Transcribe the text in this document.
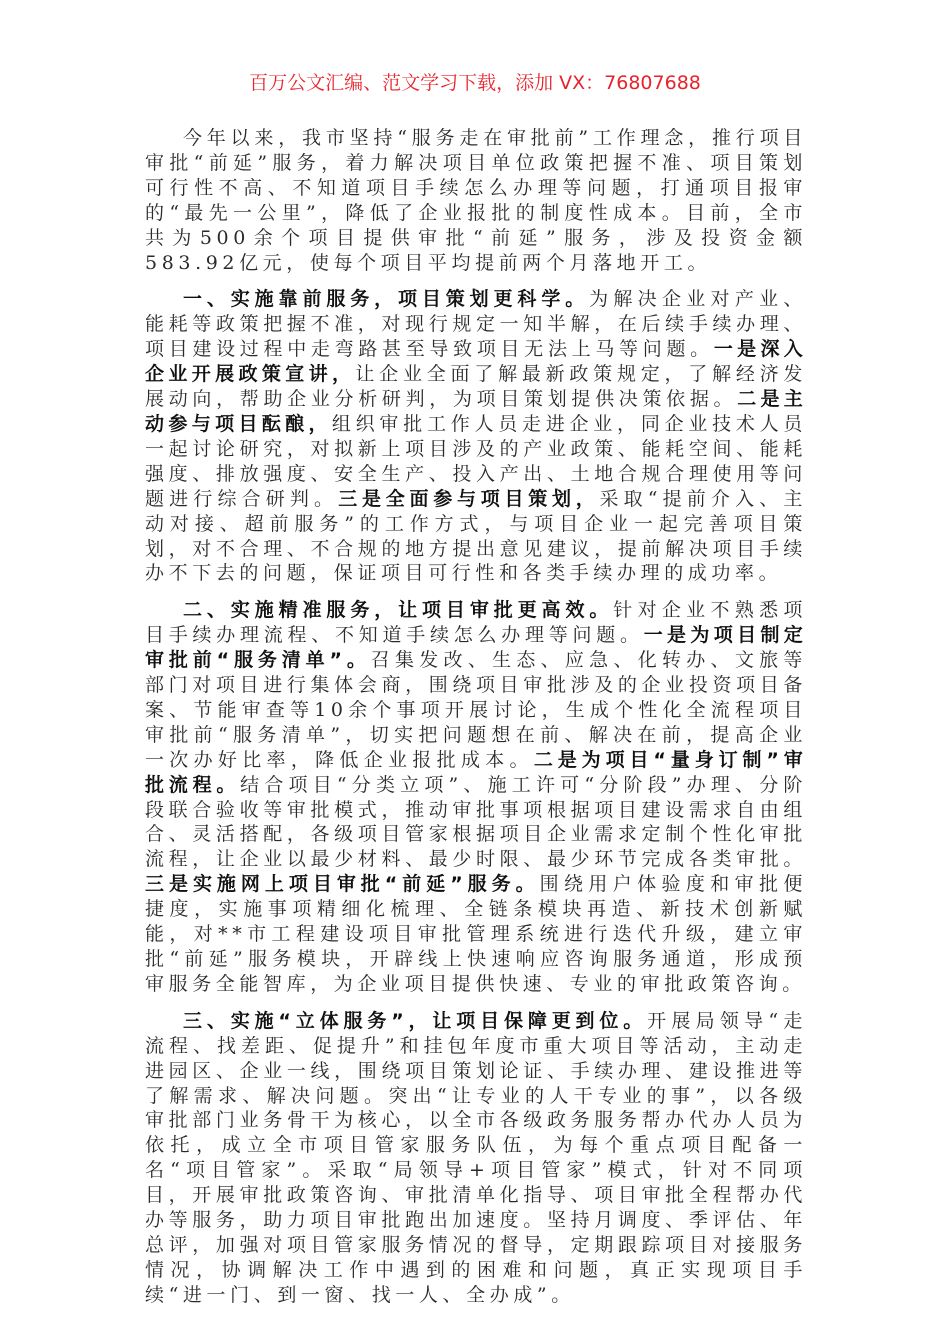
百万公文汇编、范文学习下载，添加 VX：76807688

今年以来，我市坚持“服务走在审批前”工作理念，推行项目审批“前延”服务，着力解决项目单位政策把握不准、项目策划可行性不高、不知道项目手续怎么办理等问题，打通项目报审的“最先一公里”，降低了企业报批的制度性成本。目前，全市共为500余个项目提供审批“前延”服务，涉及投资金额583.92亿元，使每个项目平均提前两个月落地开工。

一、实施靠前服务，项目策划更科学。为解决企业对产业、能耗等政策把握不准，对现行规定一知半解，在后续手续办理、项目建设过程中走弯路甚至导致项目无法上马等问题。一是深入企业开展政策宣讲，让企业全面了解最新政策规定，了解经济发展动向，帮助企业分析研判，为项目策划提供决策依据。二是主动参与项目酝酿，组织审批工作人员走进企业，同企业技术人员一起讨论研究，对拟新上项目涉及的产业政策、能耗空间、能耗强度、排放强度、安全生产、投入产出、土地合规合理使用等问题进行综合研判。三是全面参与项目策划，采取“提前介入、主动对接、超前服务”的工作方式，与项目企业一起完善项目策划，对不合理、不合规的地方提出意见建议，提前解决项目手续办不下去的问题，保证项目可行性和各类手续办理的成功率。

二、实施精准服务，让项目审批更高效。针对企业不熟悉项目手续办理流程、不知道手续怎么办理等问题。一是为项目制定审批前“服务清单”。召集发改、生态、应急、化转办、文旅等部门对项目进行集体会商，围绕项目审批涉及的企业投资项目备案、节能审查等10余个事项开展讨论，生成个性化全流程项目审批前“服务清单”，切实把问题想在前、解决在前，提高企业一次办好比率，降低企业报批成本。二是为项目“量身订制”审批流程。结合项目“分类立项”、施工许可“分阶段”办理、分阶段联合验收等审批模式，推动审批事项根据项目建设需求自由组合、灵活搭配，各级项目管家根据项目企业需求定制个性化审批流程，让企业以最少材料、最少时限、最少环节完成各类审批。三是实施网上项目审批“前延”服务。围绕用户体验度和审批便捷度，实施事项精细化梳理、全链条模块再造、新技术创新赋能，对**市工程建设项目审批管理系统进行迭代升级，建立审批“前延”服务模块，开辟线上快速响应咨询服务通道，形成预审服务全能智库，为企业项目提供快速、专业的审批政策咨询。

三、实施“立体服务”，让项目保障更到位。开展局领导“走流程、找差距、促提升”和挂包年度市重大项目等活动，主动走进园区、企业一线，围绕项目策划论证、手续办理、建设推进等了解需求、解决问题。突出“让专业的人干专业的事”，以各级审批部门业务骨干为核心，以全市各级政务服务帮办代办人员为依托，成立全市项目管家服务队伍，为每个重点项目配备一名“项目管家”。采取“局领导+项目管家”模式，针对不同项目，开展审批政策咨询、审批清单化指导、项目审批全程帮办代办等服务，助力项目审批跑出加速度。坚持月调度、季评估、年总评，加强对项目管家服务情况的督导，定期跟踪项目对接服务情况，协调解决工作中遇到的困难和问题，真正实现项目手续“进一门、到一窗、找一人、全办成”。
